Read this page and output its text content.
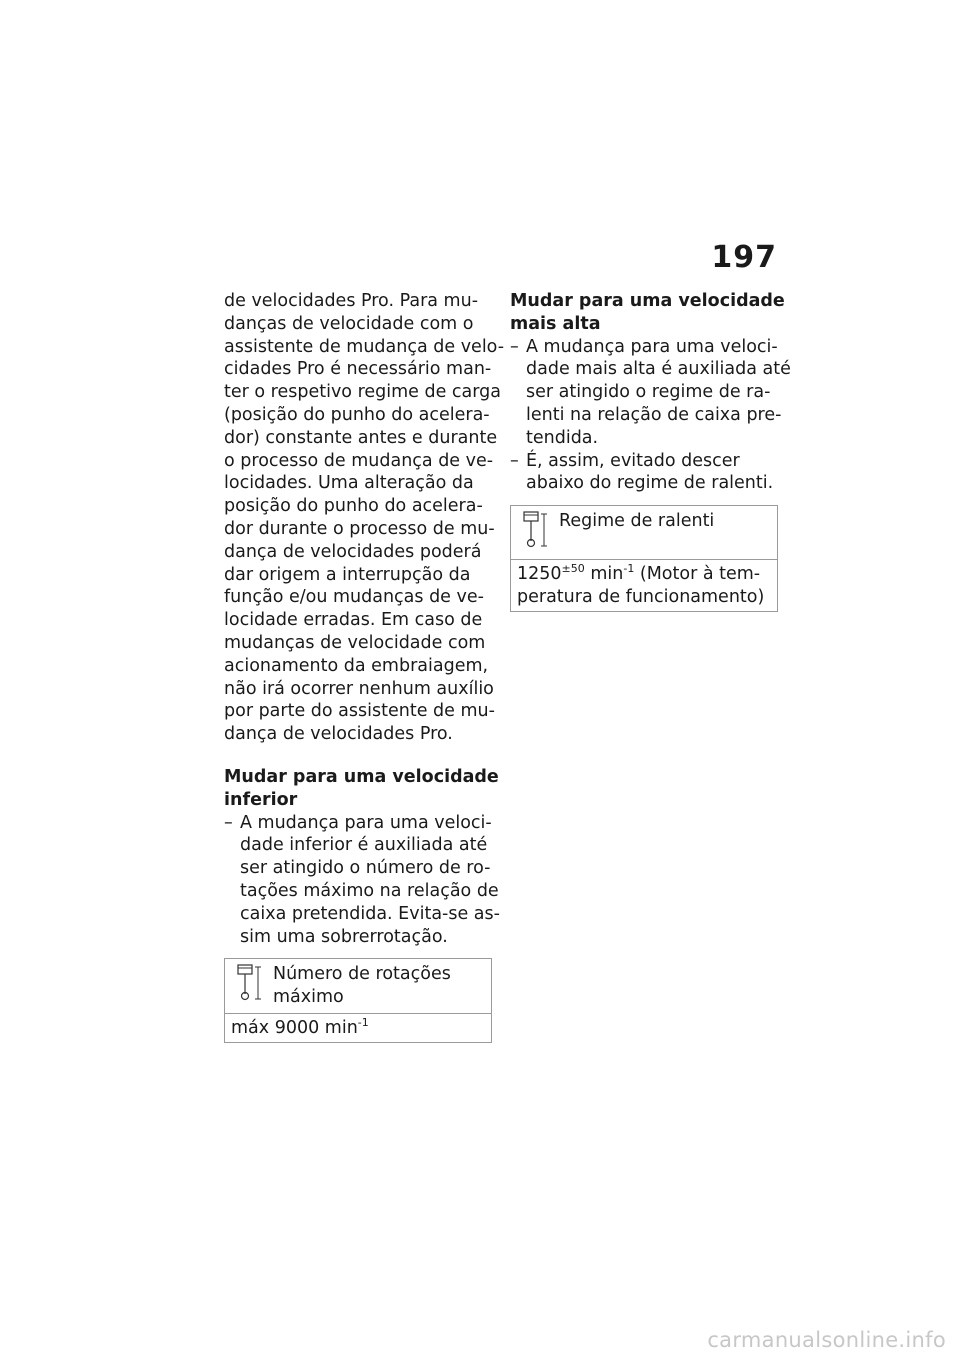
197
de velocidades Pro. Para mu-
danças de velocidade com o
assistente de mudança de velo-
cidades Pro é necessário man-
ter o respetivo regime de carga
(posição do punho do acelera-
dor) constante antes e durante
o processo de mudança de ve-
locidades. Uma alteração da
posição do punho do acelera-
dor durante o processo de mu-
dança de velocidades poderá
dar origem a interrupção da
função e/ou mudanças de ve-
locidade erradas. Em caso de
mudanças de velocidade com
acionamento da embraiagem,
não irá ocorrer nenhum auxílio
por parte do assistente de mu-
dança de velocidades Pro.
Mudar para uma velocidade
inferior
– A mudança para uma veloci-
dade inferior é auxiliada até
ser atingido o número de ro-
tações máximo na relação de
caixa pretendida. Evita-se as-
sim uma sobrerrotação.
Número de rotações
máximo
máx 9000 $\min^{-1}$
Mudar para uma velocidade
mais alta
– A mudança para uma veloci-
dade mais alta é auxiliada até
ser atingido o regime de ra-
lenti na relação de caixa pre-
tendida.
– É, assim, evitado descer
abaixo do regime de ralenti.
Regime de ralenti
$1250^{\pm 50}$ $\min^{-1}$ (Motor à tem-
peratura de funcionamento)
carmanualsonline.info
